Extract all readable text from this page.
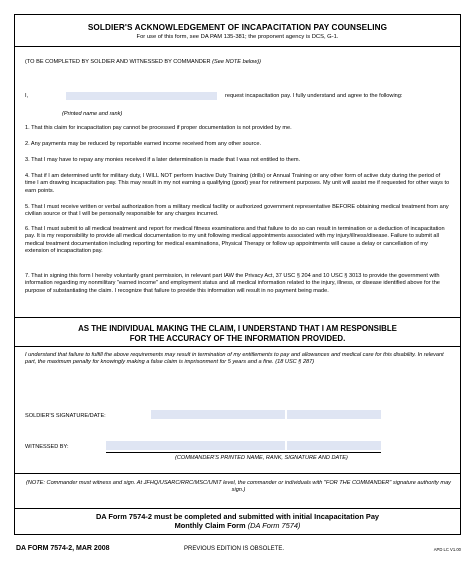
SOLDIER'S ACKNOWLEDGEMENT OF INCAPACITATION PAY COUNSELING
For use of this form, see DA PAM 135-381; the proponent agency is DCS, G-1.
(TO BE COMPLETED BY SOLDIER AND WITNESSED BY COMMANDER (See NOTE below))
I,	request incapacitation pay. I fully understand and agree to the following:
(Printed name and rank)
1. That this claim for incapacitation pay cannot be processed if proper documentation is not provided by me.
2. Any payments may be reduced by reportable earned income received from any other source.
3. That I may have to repay any monies received if a later determination is made that I was not entitled to them.
4. That if I am determined unfit for military duty, I WILL NOT perform Inactive Duty Training (drills) or Annual Training or any other form of active duty during the period of time I am drawing incapacitation pay. This may result in my not earning a qualifying (good) year for retirement purposes. My unit will assist me if requested for other ways to earn points.
5. That I must receive written or verbal authorization from a military medical facility or authorized government representative BEFORE obtaining medical treatment from any civilian source or that I will be personally responsible for any charges incurred.
6. That I must submit to all medical treatment and report for medical fitness examinations and that failure to do so can result in termination or a deduction of incapacitation pay. It is my responsibility to provide all medical documentation to my unit following medical appointments associated with my injury/illness/disease. Failure to submit all medical treatment documentation including reporting for medical examinations, Physical Therapy or follow up appointments will cause a delay or cancellation of my extension of incapacitation pay.
7. That in signing this form I hereby voluntarily grant permission, in relevant part IAW the Privacy Act, 37 USC § 204 and 10 USC § 3013 to provide the government with information regarding my nonmilitary "earned income" and employment status and all medical information related to the injury, illness, or disease identified above for the purpose of substantiating the claim. I recognize that failure to provide this information will result in no payment being made.
AS THE INDIVIDUAL MAKING THE CLAIM, I UNDERSTAND THAT I AM RESPONSIBLE
FOR THE ACCURACY OF THE INFORMATION PROVIDED.
I understand that failure to fulfill the above requirements may result in termination of my entitlements to pay and allowances and medical care for this disability. In relevant part, the maximum penalty for knowingly making a false claim is imprisonment for 5 years and a fine. (18 USC § 287)
SOLDIER'S SIGNATURE/DATE:
WITNESSED BY:
(COMMANDER'S PRINTED NAME, RANK, SIGNATURE AND DATE)
(NOTE: Commander must witness and sign. At JFHQ/USARC/RRC/MSC/UNIT level, the commander or individuals with "FOR THE COMMANDER" signature authority may sign.)
DA Form 7574-2 must be completed and submitted with initial Incapacitation Pay
Monthly Claim Form (DA Form 7574)
DA FORM 7574-2, MAR 2008	PREVIOUS EDITION IS OBSOLETE.	APD LC V1.00
